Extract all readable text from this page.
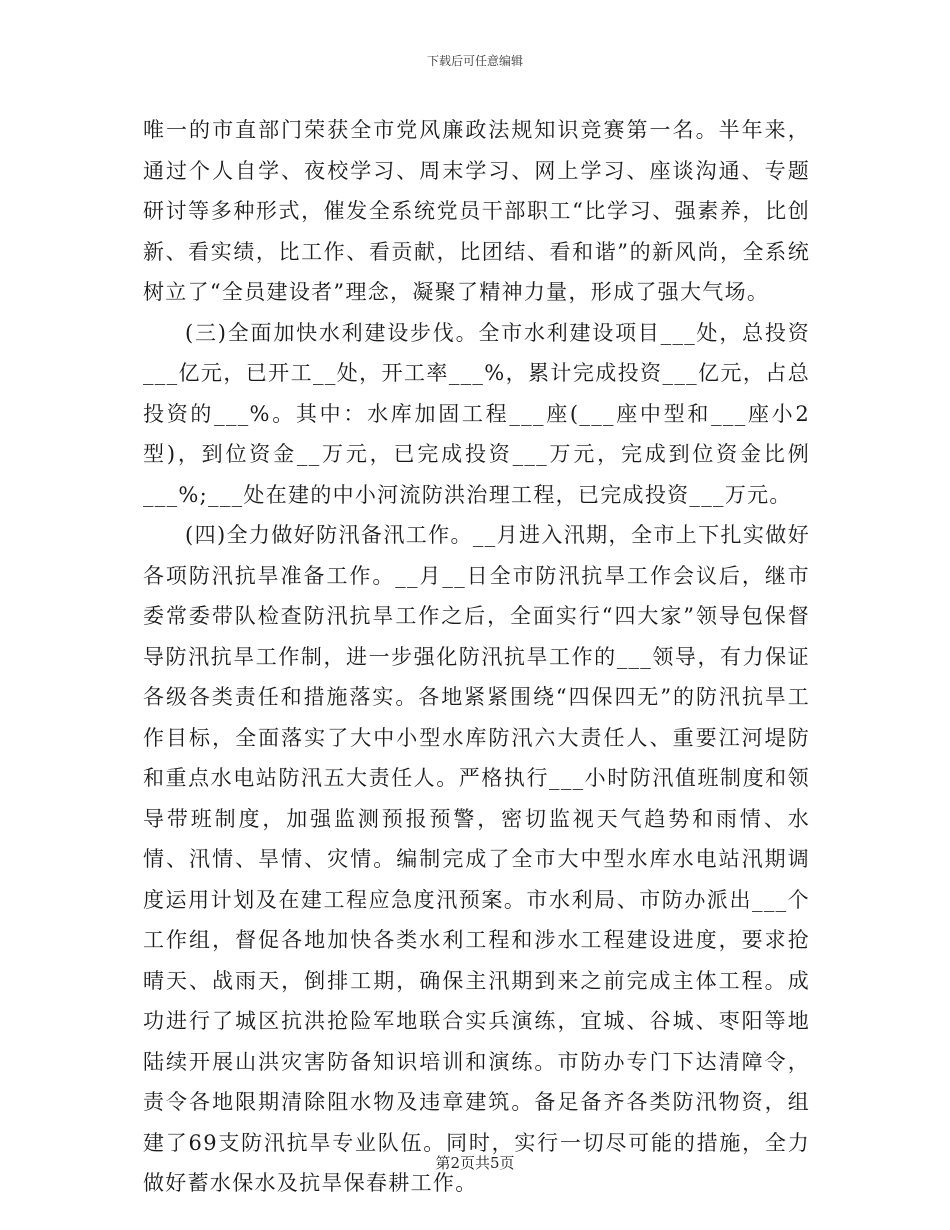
下载后可任意编辑

唯一的市直部门荣获全市党风廉政法规知识竞赛第一名。半年来，通过个人自学、夜校学习、周末学习、网上学习、座谈沟通、专题研讨等多种形式，催发全系统党员干部职工“比学习、强素养，比创新、看实绩，比工作、看贡献，比团结、看和谐”的新风尚，全系统树立了“全员建设者”理念，凝聚了精神力量，形成了强大气场。

(三)全面加快水利建设步伐。全市水利建设项目___处，总投资___亿元，已开工__处，开工率___%，累计完成投资___亿元，占总投资的___%。其中：水库加固工程___座(___座中型和___座小2型)，到位资金__万元，已完成投资___万元，完成到位资金比例___%;___处在建的中小河流防洪治理工程，已完成投资___万元。

(四)全力做好防汛备汛工作。__月进入汛期，全市上下扎实做好各项防汛抗旱准备工作。__月__日全市防汛抗旱工作会议后，继市委常委带队检查防汛抗旱工作之后，全面实行“四大家”领导包保督导防汛抗旱工作制，进一步强化防汛抗旱工作的___领导，有力保证各级各类责任和措施落实。各地紧紧围绕“四保四无”的防汛抗旱工作目标，全面落实了大中小型水库防汛六大责任人、重要江河堤防和重点水电站防汛五大责任人。严格执行___小时防汛值班制度和领导带班制度，加强监测预报预警，密切监视天气趋势和雨情、水情、汛情、旱情、灾情。编制完成了全市大中型水库水电站汛期调度运用计划及在建工程应急度汛预案。市水利局、市防办派出___个工作组，督促各地加快各类水利工程和涉水工程建设进度，要求抢晴天、战雨天，倒排工期，确保主汛期到来之前完成主体工程。成功进行了城区抗洪抢险军地联合实兵演练，宜城、谷城、枣阳等地陆续开展山洪灾害防备知识培训和演练。市防办专门下达清障令，责令各地限期清除阻水物及违章建筑。备足备齐各类防汛物资，组建了69支防汛抗旱专业队伍。同时，实行一切尽可能的措施，全力做好蓄水保水及抗旱保春耕工作。

第2页共5页
